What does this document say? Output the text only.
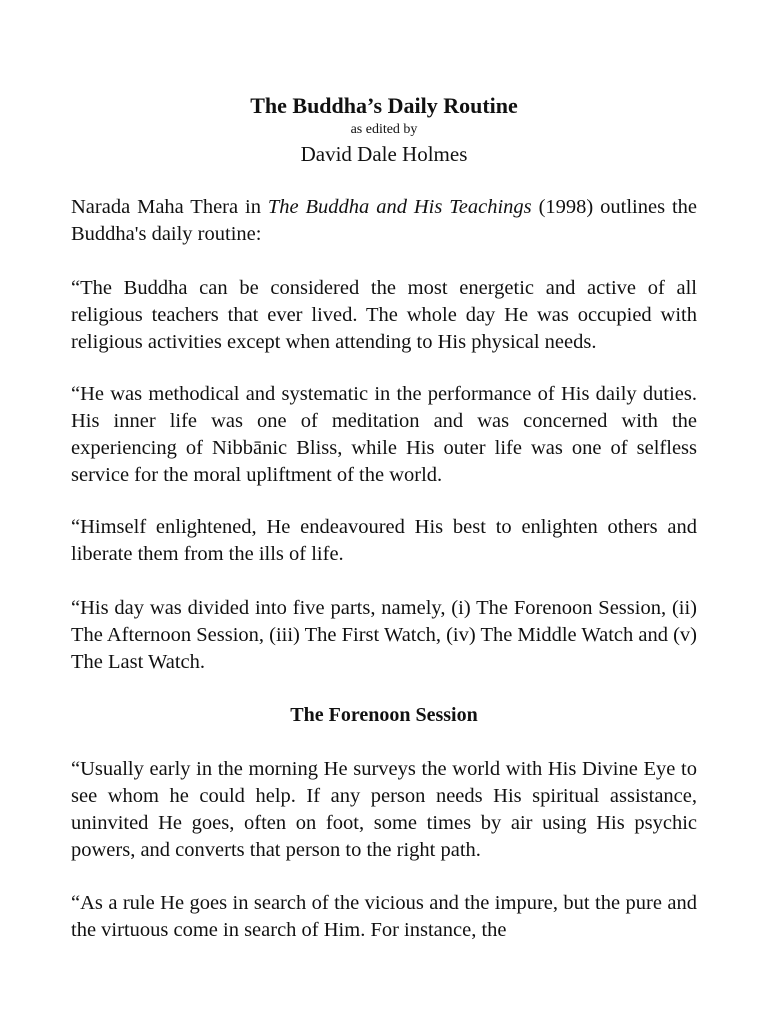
The Buddha’s Daily Routine
as edited by
David Dale Holmes

Narada Maha Thera in The Buddha and His Teachings (1998) outlines the Buddha's daily routine:

“The Buddha can be considered the most energetic and active of all religious teachers that ever lived. The whole day He was occupied with religious activities except when attending to His physical needs.

“He was methodical and systematic in the performance of His daily duties. His inner life was one of meditation and was concerned with the experiencing of Nibbānic Bliss, while His outer life was one of selfless service for the moral upliftment of the world.

“Himself enlightened, He endeavoured His best to enlighten others and liberate them from the ills of life.

“His day was divided into five parts, namely, (i) The Forenoon Session, (ii) The Afternoon Session, (iii) The First Watch, (iv) The Middle Watch and (v) The Last Watch.

The Forenoon Session

“Usually early in the morning He surveys the world with His Divine Eye to see whom he could help. If any person needs His spiritual assistance, uninvited He goes, often on foot, some times by air using His psychic powers, and converts that person to the right path.

“As a rule He goes in search of the vicious and the impure, but the pure and the virtuous come in search of Him. For instance, the
